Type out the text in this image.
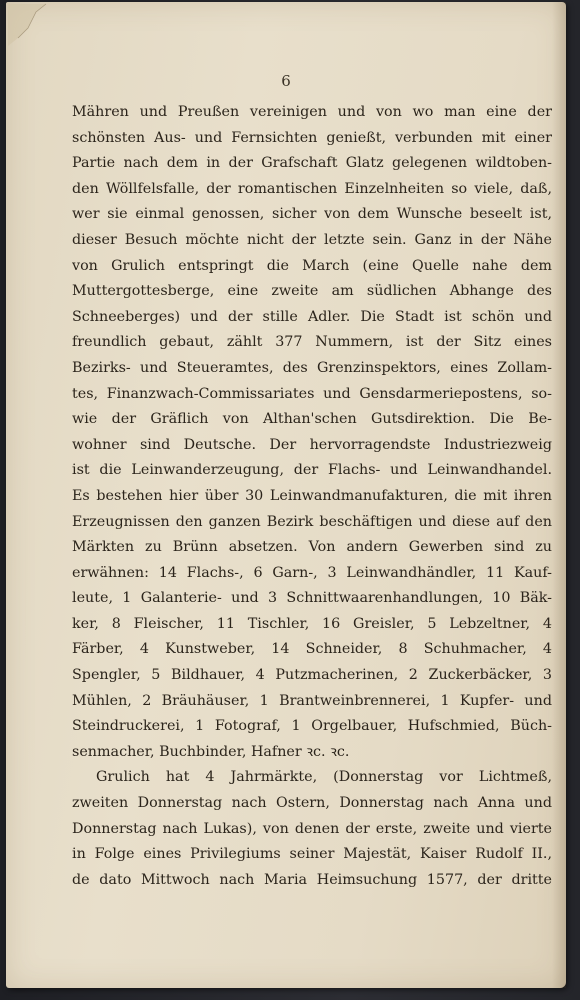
6
Mähren und Preußen vereinigen und von wo man eine der
schönsten Aus- und Fernsichten genießt, verbunden mit einer
Partie nach dem in der Grafschaft Glatz gelegenen wildtoben-
den Wöllfelsfalle, der romantischen Einzelnheiten so viele, daß,
wer sie einmal genossen, sicher von dem Wunsche beseelt ist,
dieser Besuch möchte nicht der letzte sein. Ganz in der Nähe
von Grulich entspringt die March (eine Quelle nahe dem
Muttergottesberge, eine zweite am südlichen Abhange des
Schneeberges) und der stille Adler. Die Stadt ist schön und
freundlich gebaut, zählt 377 Nummern, ist der Sitz eines
Bezirks- und Steueramtes, des Grenzinspektors, eines Zollam-
tes, Finanzwach-Commissariates und Gensdarmeriepostens, so-
wie der Gräflich von Althan'schen Gutsdirektion. Die Be-
wohner sind Deutsche. Der hervorragendste Industriezweig
ist die Leinwanderzeugung, der Flachs- und Leinwandhandel.
Es bestehen hier über 30 Leinwandmanufakturen, die mit ihren
Erzeugnissen den ganzen Bezirk beschäftigen und diese auf den
Märkten zu Brünn absetzen. Von andern Gewerben sind zu
erwähnen: 14 Flachs-, 6 Garn-, 3 Leinwandhändler, 11 Kauf-
leute, 1 Galanterie- und 3 Schnittwaarenhandlungen, 10 Bäk-
ker, 8 Fleischer, 11 Tischler, 16 Greisler, 5 Lebzeltner, 4
Färber, 4 Kunstweber, 14 Schneider, 8 Schuhmacher, 4
Spengler, 5 Bildhauer, 4 Putzmacherinen, 2 Zuckerbäcker, 3
Mühlen, 2 Bräuhäuser, 1 Brantweinbrennerei, 1 Kupfer- und
Steindruckerei, 1 Fotograf, 1 Orgelbauer, Hufschmied, Büch-
senmacher, Buchbinder, Hafner ꝛc. ꝛc.
Grulich hat 4 Jahrmärkte, (Donnerstag vor Lichtmeß,
zweiten Donnerstag nach Ostern, Donnerstag nach Anna und
Donnerstag nach Lukas), von denen der erste, zweite und vierte
in Folge eines Privilegiums seiner Majestät, Kaiser Rudolf II.,
de dato Mittwoch nach Maria Heimsuchung 1577, der dritte
